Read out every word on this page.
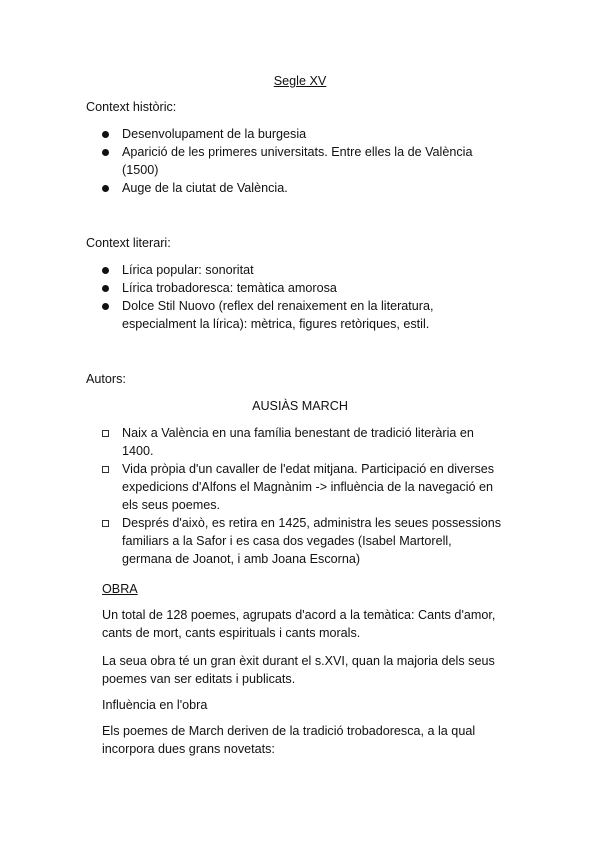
Segle XV
Context històric:
Desenvolupament de la burgesia
Aparició de les primeres universitats. Entre elles la de València (1500)
Auge de la ciutat de València.
Context literari:
Lírica popular: sonoritat
Lírica trobadoresca: temàtica amorosa
Dolce Stil Nuovo (reflex del renaixement en la literatura, especialment la lírica): mètrica, figures retòriques, estil.
Autors:
AUSIÀS MARCH
Naix a València en una família benestant de tradició literària en 1400.
Vida pròpia d'un cavaller de l'edat mitjana. Participació en diverses expedicions d'Alfons el Magnànim -> influència de la navegació en els seus poemes.
Després d'això, es retira en 1425, administra les seues possessions familiars a la Safor i es casa dos vegades (Isabel Martorell, germana de Joanot, i amb Joana Escorna)
OBRA
Un total de 128 poemes, agrupats d'acord a la temàtica: Cants d'amor, cants de mort, cants espirituals i cants morals.
La seua obra té un gran èxit durant el s.XVI, quan la majoria dels seus poemes van ser editats i publicats.
Influència en l'obra
Els poemes de March deriven de la tradició trobadoresca, a la qual incorpora dues grans novetats:
